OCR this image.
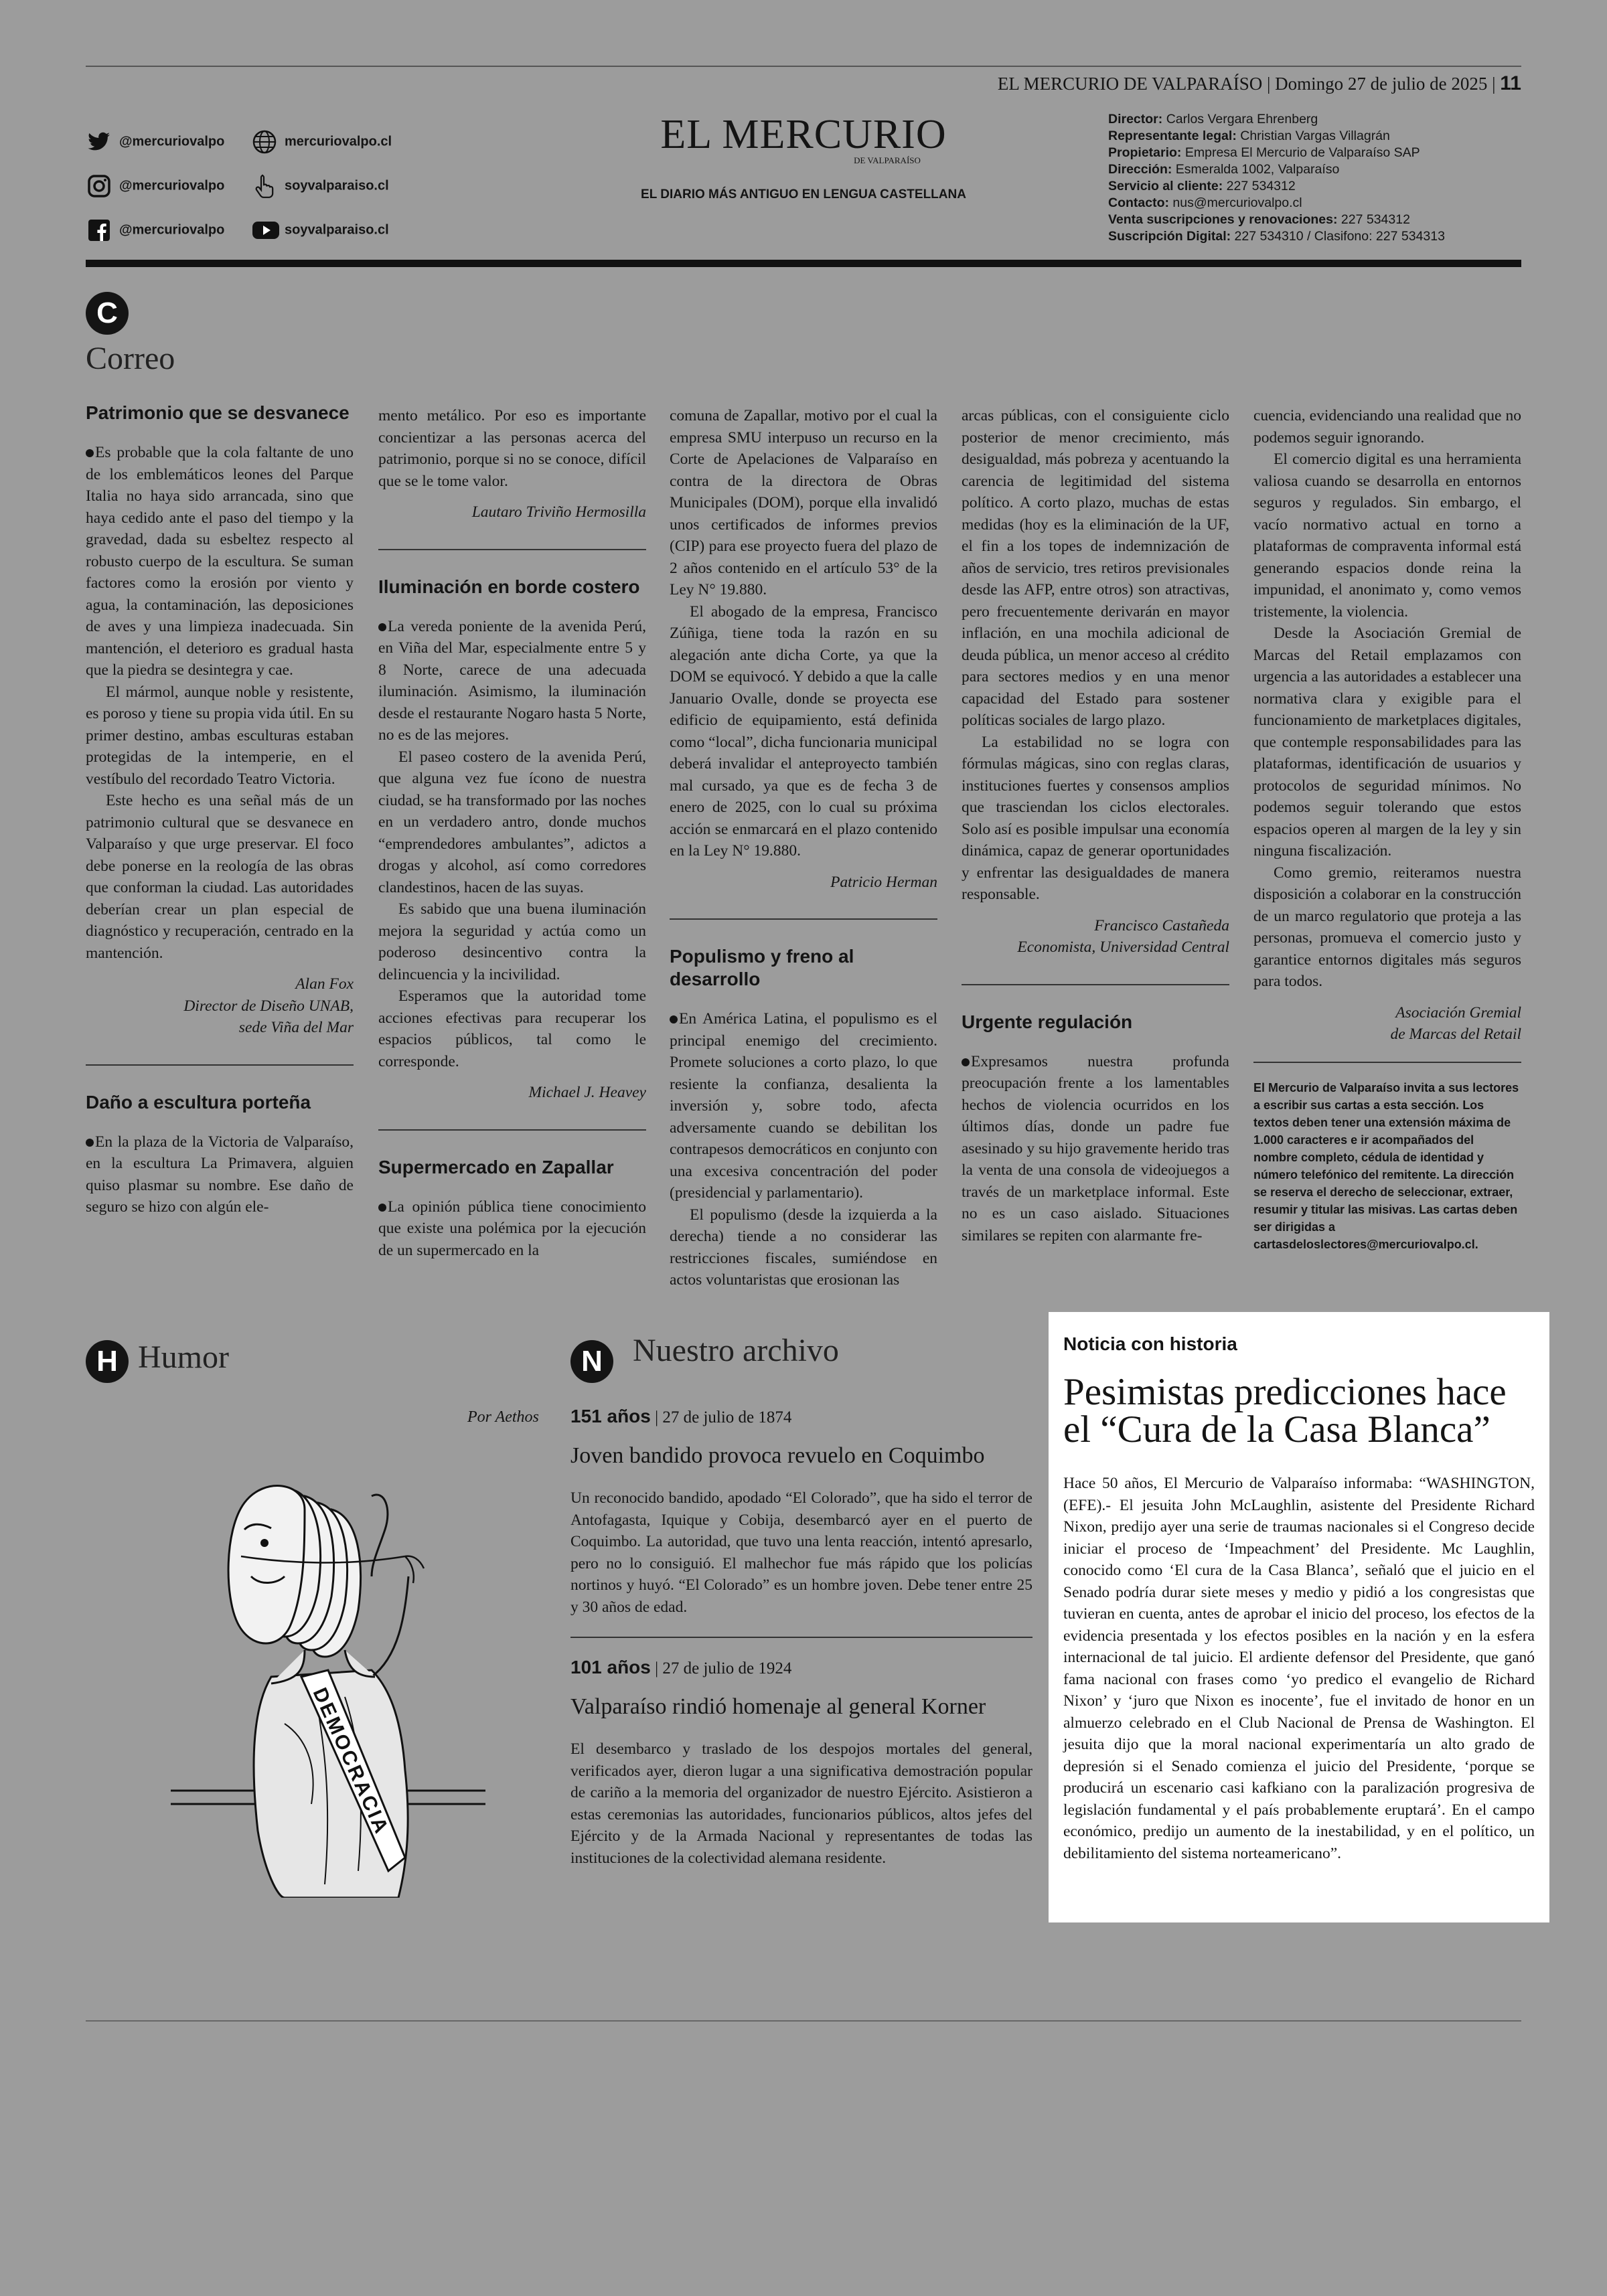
EL MERCURIO DE VALPARAÍSO | Domingo 27 de julio de 2025 | 11
@mercuriovalpo	mercuriovalpo.cl
@mercuriovalpo	soyvalparaiso.cl
@mercuriovalpo	soyvalparaiso.cl
EL MERCURIO
DE VALPARAÍSO
EL DIARIO MÁS ANTIGUO EN LENGUA CASTELLANA
Director: Carlos Vergara Ehrenberg
Representante legal: Christian Vargas Villagrán
Propietario: Empresa El Mercurio de Valparaíso SAP
Dirección: Esmeralda 1002, Valparaíso
Servicio al cliente: 227 534312
Contacto: nus@mercuriovalpo.cl
Venta suscripciones y renovaciones: 227 534312
Suscripción Digital: 227 534310 / Clasifono: 227 534313
C
Correo
Patrimonio que se desvanece

Es probable que la cola faltante de uno de los emblemáticos leones del Parque Italia no haya sido arrancada, sino que haya cedido ante el paso del tiempo y la gravedad, dada su esbeltez respecto al robusto cuerpo de la escultura. Se suman factores como la erosión por viento y agua, la contaminación, las deposiciones de aves y una limpieza inadecuada. Sin mantención, el deterioro es gradual hasta que la piedra se desintegra y cae.

El mármol, aunque noble y resistente, es poroso y tiene su propia vida útil. En su primer destino, ambas esculturas estaban protegidas de la intemperie, en el vestíbulo del recordado Teatro Victoria.

Este hecho es una señal más de un patrimonio cultural que se desvanece en Valparaíso y que urge preservar. El foco debe ponerse en la reología de las obras que conforman la ciudad. Las autoridades deberían crear un plan especial de diagnóstico y recuperación, centrado en la mantención.

Alan Fox
Director de Diseño UNAB,
sede Viña del Mar

Daño a escultura porteña

En la plaza de la Victoria de Valparaíso, en la escultura La Primavera, alguien quiso plasmar su nombre. Ese daño de seguro se hizo con algún ele-

mento metálico. Por eso es importante concientizar a las personas acerca del patrimonio, porque si no se conoce, difícil que se le tome valor.

Lautaro Triviño Hermosilla

Iluminación en borde costero

La vereda poniente de la avenida Perú, en Viña del Mar, especialmente entre 5 y 8 Norte, carece de una adecuada iluminación. Asimismo, la iluminación desde el restaurante Nogaro hasta 5 Norte, no es de las mejores.

El paseo costero de la avenida Perú, que alguna vez fue ícono de nuestra ciudad, se ha transformado por las noches en un verdadero antro, donde muchos “emprendedores ambulantes”, adictos a drogas y alcohol, así como corredores clandestinos, hacen de las suyas.

Es sabido que una buena iluminación mejora la seguridad y actúa como un poderoso desincentivo contra la delincuencia y la incivilidad.

Esperamos que la autoridad tome acciones efectivas para recuperar los espacios públicos, tal como le corresponde.

Michael J. Heavey

Supermercado en Zapallar

La opinión pública tiene conocimiento que existe una polémica por la ejecución de un supermercado en la

comuna de Zapallar, motivo por el cual la empresa SMU interpuso un recurso en la Corte de Apelaciones de Valparaíso en contra de la directora de Obras Municipales (DOM), porque ella invalidó unos certificados de informes previos (CIP) para ese proyecto fuera del plazo de 2 años contenido en el artículo 53° de la Ley N° 19.880.

El abogado de la empresa, Francisco Zúñiga, tiene toda la razón en su alegación ante dicha Corte, ya que la DOM se equivocó. Y debido a que la calle Januario Ovalle, donde se proyecta ese edificio de equipamiento, está definida como “local”, dicha funcionaria municipal deberá invalidar el anteproyecto también mal cursado, ya que es de fecha 3 de enero de 2025, con lo cual su próxima acción se enmarcará en el plazo contenido en la Ley N° 19.880.

Patricio Herman

Populismo y freno al desarrollo

En América Latina, el populismo es el principal enemigo del crecimiento. Promete soluciones a corto plazo, lo que resiente la confianza, desalienta la inversión y, sobre todo, afecta adversamente cuando se debilitan los contrapesos democráticos en conjunto con una excesiva concentración del poder (presidencial y parlamentario).

El populismo (desde la izquierda a la derecha) tiende a no considerar las restricciones fiscales, sumiéndose en actos voluntaristas que erosionan las

arcas públicas, con el consiguiente ciclo posterior de menor crecimiento, más desigualdad, más pobreza y acentuando la carencia de legitimidad del sistema político. A corto plazo, muchas de estas medidas (hoy es la eliminación de la UF, el fin a los topes de indemnización de años de servicio, tres retiros previsionales desde las AFP, entre otros) son atractivas, pero frecuentemente derivarán en mayor inflación, en una mochila adicional de deuda pública, un menor acceso al crédito para sectores medios y en una menor capacidad del Estado para sostener políticas sociales de largo plazo.

La estabilidad no se logra con fórmulas mágicas, sino con reglas claras, instituciones fuertes y consensos amplios que trasciendan los ciclos electorales. Solo así es posible impulsar una economía dinámica, capaz de generar oportunidades y enfrentar las desigualdades de manera responsable.

Francisco Castañeda
Economista, Universidad Central

Urgente regulación

Expresamos nuestra profunda preocupación frente a los lamentables hechos de violencia ocurridos en los últimos días, donde un padre fue asesinado y su hijo gravemente herido tras la venta de una consola de videojuegos a través de un marketplace informal. Este no es un caso aislado. Situaciones similares se repiten con alarmante fre-

cuencia, evidenciando una realidad que no podemos seguir ignorando.

El comercio digital es una herramienta valiosa cuando se desarrolla en entornos seguros y regulados. Sin embargo, el vacío normativo actual en torno a plataformas de compraventa informal está generando espacios donde reina la impunidad, el anonimato y, como vemos tristemente, la violencia.

Desde la Asociación Gremial de Marcas del Retail emplazamos con urgencia a las autoridades a establecer una normativa clara y exigible para el funcionamiento de marketplaces digitales, que contemple responsabilidades para las plataformas, identificación de usuarios y protocolos de seguridad mínimos. No podemos seguir tolerando que estos espacios operen al margen de la ley y sin ninguna fiscalización.

Como gremio, reiteramos nuestra disposición a colaborar en la construcción de un marco regulatorio que proteja a las personas, promueva el comercio justo y garantice entornos digitales más seguros para todos.

Asociación Gremial
de Marcas del Retail

El Mercurio de Valparaíso invita a sus lectores a escribir sus cartas a esta sección. Los textos deben tener una extensión máxima de 1.000 caracteres e ir acompañados del nombre completo, cédula de identidad y número telefónico del remitente. La dirección se reserva el derecho de seleccionar, extraer, resumir y titular las misivas. Las cartas deben ser dirigidas a cartasdeloslectores@mercuriovalpo.cl.
H Humor
Por Aethos
DEMOCRACIA
N Nuestro archivo
151 años | 27 de julio de 1874
Joven bandido provoca revuelo en Coquimbo
Un reconocido bandido, apodado “El Colorado”, que ha sido el terror de Antofagasta, Iquique y Cobija, desembarcó ayer en el puerto de Coquimbo. La autoridad, que tuvo una lenta reacción, intentó apresarlo, pero no lo consiguió. El malhechor fue más rápido que los policías nortinos y huyó. “El Colorado” es un hombre joven. Debe tener entre 25 y 30 años de edad.
101 años | 27 de julio de 1924
Valparaíso rindió homenaje al general Korner
El desembarco y traslado de los despojos mortales del general, verificados ayer, dieron lugar a una significativa demostración popular de cariño a la memoria del organizador de nuestro Ejército. Asistieron a estas ceremonias las autoridades, funcionarios públicos, altos jefes del Ejército y de la Armada Nacional y representantes de todas las instituciones de la colectividad alemana residente.
Noticia con historia
Pesimistas predicciones hace el “Cura de la Casa Blanca”
Hace 50 años, El Mercurio de Valparaíso informaba: “WASHINGTON, (EFE).- El jesuita John McLaughlin, asistente del Presidente Richard Nixon, predijo ayer una serie de traumas nacionales si el Congreso decide iniciar el proceso de ‘Impeachment’ del Presidente. Mc Laughlin, conocido como ‘El cura de la Casa Blanca’, señaló que el juicio en el Senado podría durar siete meses y medio y pidió a los congresistas que tuvieran en cuenta, antes de aprobar el inicio del proceso, los efectos de la evidencia presentada y los efectos posibles en la nación y en la esfera internacional de tal juicio. El ardiente defensor del Presidente, que ganó fama nacional con frases como ‘yo predico el evangelio de Richard Nixon’ y ‘juro que Nixon es inocente’, fue el invitado de honor en un almuerzo celebrado en el Club Nacional de Prensa de Washington. El jesuita dijo que la moral nacional experimentaría un alto grado de depresión si el Senado comienza el juicio del Presidente, ‘porque se producirá un escenario casi kafkiano con la paralización progresiva de legislación fundamental y el país probablemente eruptará’. En el campo económico, predijo un aumento de la inestabilidad, y en el político, un debilitamiento del sistema norteamericano”.
